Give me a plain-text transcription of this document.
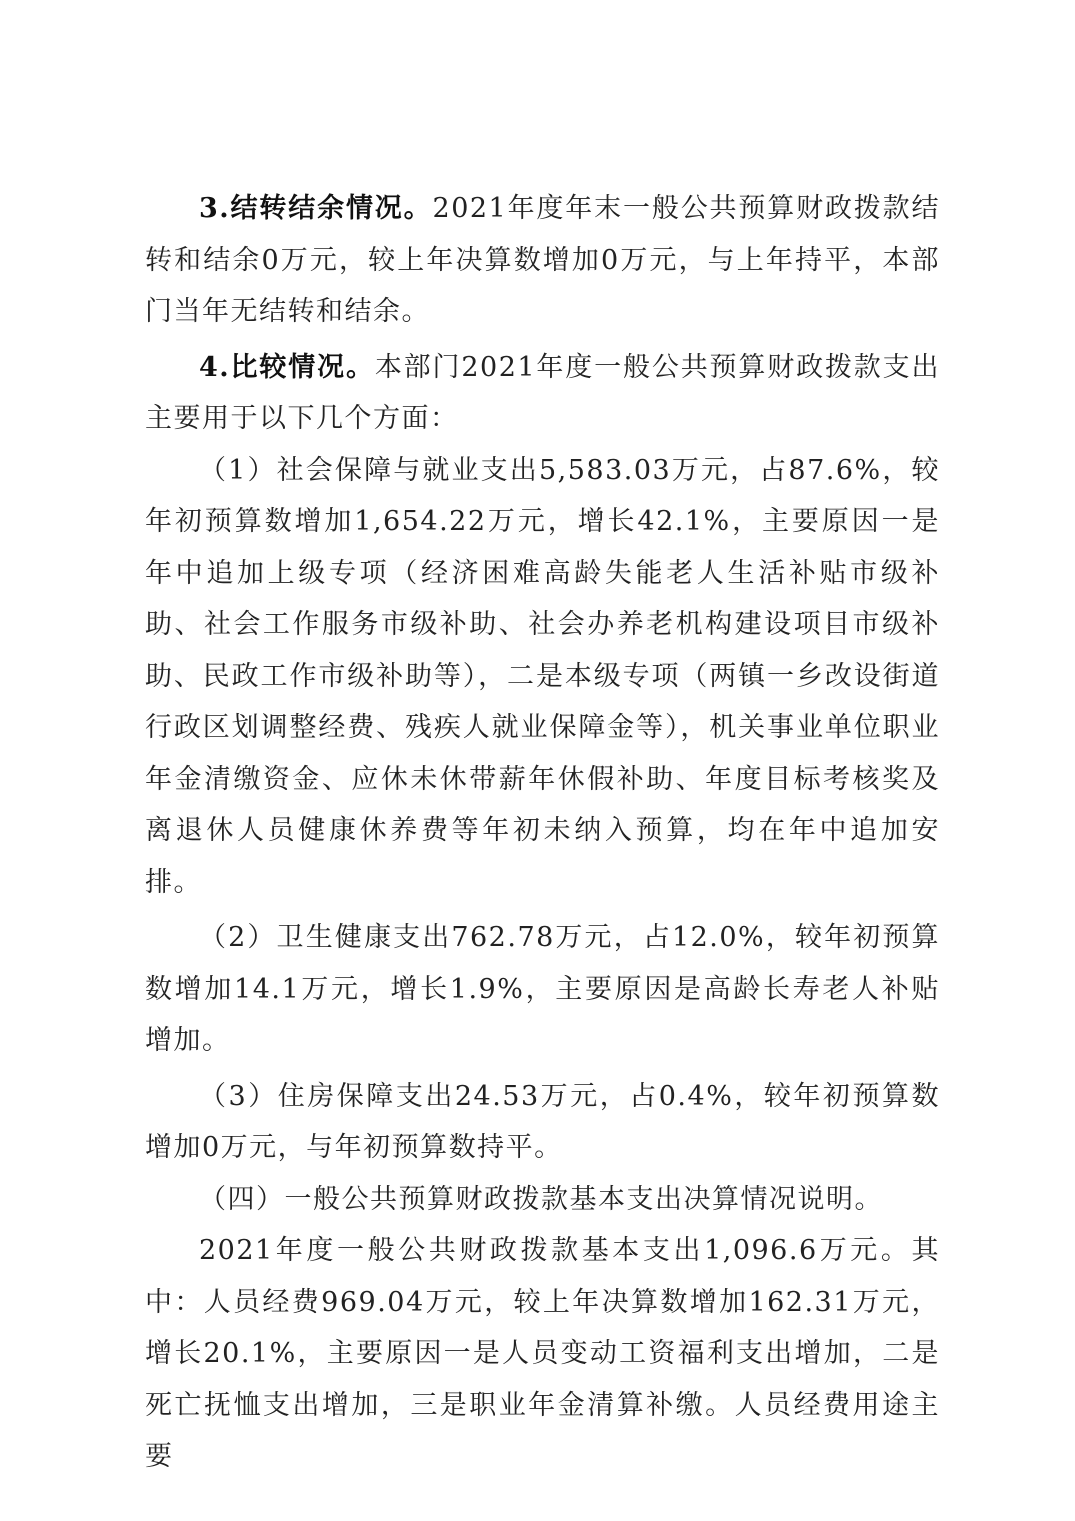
3.结转结余情况。2021年度年末一般公共预算财政拨款结转和结余0万元，较上年决算数增加0万元，与上年持平，本部门当年无结转和结余。

4.比较情况。本部门2021年度一般公共预算财政拨款支出主要用于以下几个方面：

（1）社会保障与就业支出5,583.03万元，占87.6%，较年初预算数增加1,654.22万元，增长42.1%，主要原因一是年中追加上级专项（经济困难高龄失能老人生活补贴市级补助、社会工作服务市级补助、社会办养老机构建设项目市级补助、民政工作市级补助等），二是本级专项（两镇一乡改设街道行政区划调整经费、残疾人就业保障金等），机关事业单位职业年金清缴资金、应休未休带薪年休假补助、年度目标考核奖及离退休人员健康休养费等年初未纳入预算，均在年中追加安排。

（2）卫生健康支出762.78万元，占12.0%，较年初预算数增加14.1万元，增长1.9%，主要原因是高龄长寿老人补贴增加。

（3）住房保障支出24.53万元，占0.4%，较年初预算数增加0万元，与年初预算数持平。

（四）一般公共预算财政拨款基本支出决算情况说明。

2021年度一般公共财政拨款基本支出1,096.6万元。其中：人员经费969.04万元，较上年决算数增加162.31万元，增长20.1%，主要原因一是人员变动工资福利支出增加，二是死亡抚恤支出增加，三是职业年金清算补缴。人员经费用途主要
